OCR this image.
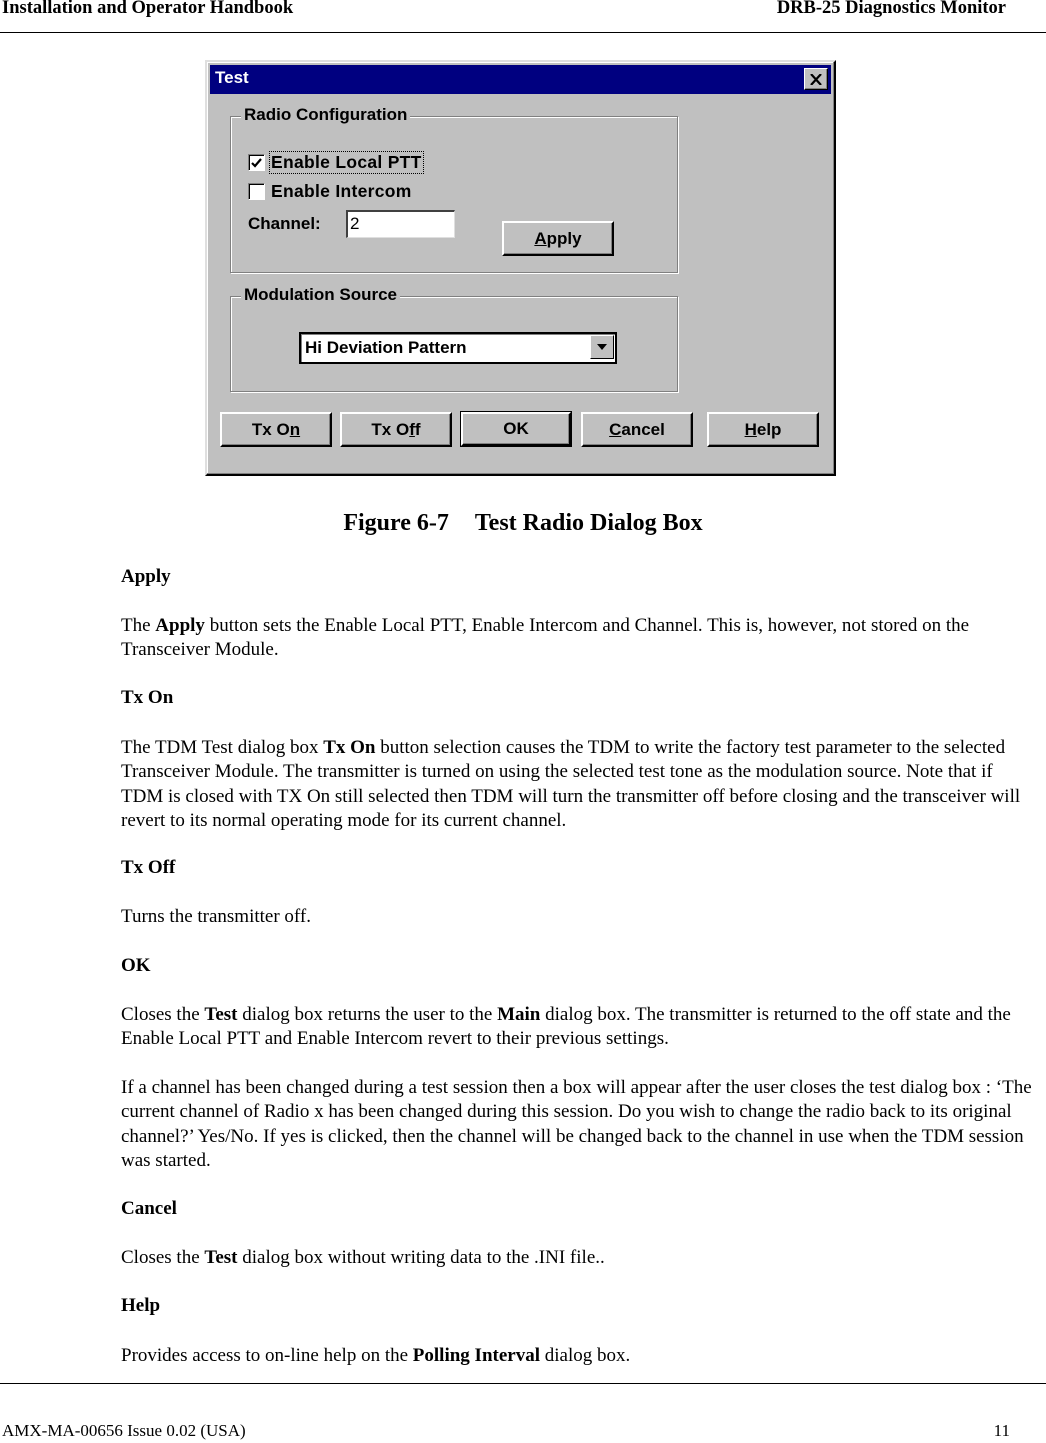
Installation and Operator Handbook	DRB-25 Diagnostics Monitor
Test
Radio Configuration
Enable Local PTT
Enable Intercom
Channel: 2
A pply
Modulation Source
Hi Deviation Pattern
Tx O n	Tx O f f	OK	C ancel	H elp
Figure 6-7 Test Radio Dialog Box
Apply
The Apply button sets the Enable Local PTT, Enable Intercom and Channel. This is, however, not stored on the Transceiver Module.
Tx On
The TDM Test dialog box Tx On button selection causes the TDM to write the factory test parameter to the selected Transceiver Module. The transmitter is turned on using the selected test tone as the modulation source. Note that if TDM is closed with TX On still selected then TDM will turn the transmitter off before closing and the transceiver will revert to its normal operating mode for its current channel.
Tx Off
Turns the transmitter off.
OK
Closes the Test dialog box returns the user to the Main dialog box. The transmitter is returned to the off state and the Enable Local PTT and Enable Intercom revert to their previous settings.
If a channel has been changed during a test session then a box will appear after the user closes the test dialog box : ‘The current channel of Radio x has been changed during this session. Do you wish to change the radio back to its original channel?’ Yes/No. If yes is clicked, then the channel will be changed back to the channel in use when the TDM session was started.
Cancel
Closes the Test dialog box without writing data to the .INI file..
Help
Provides access to on-line help on the Polling Interval dialog box.
AMX-MA-00656 Issue 0.02 (USA)	11
